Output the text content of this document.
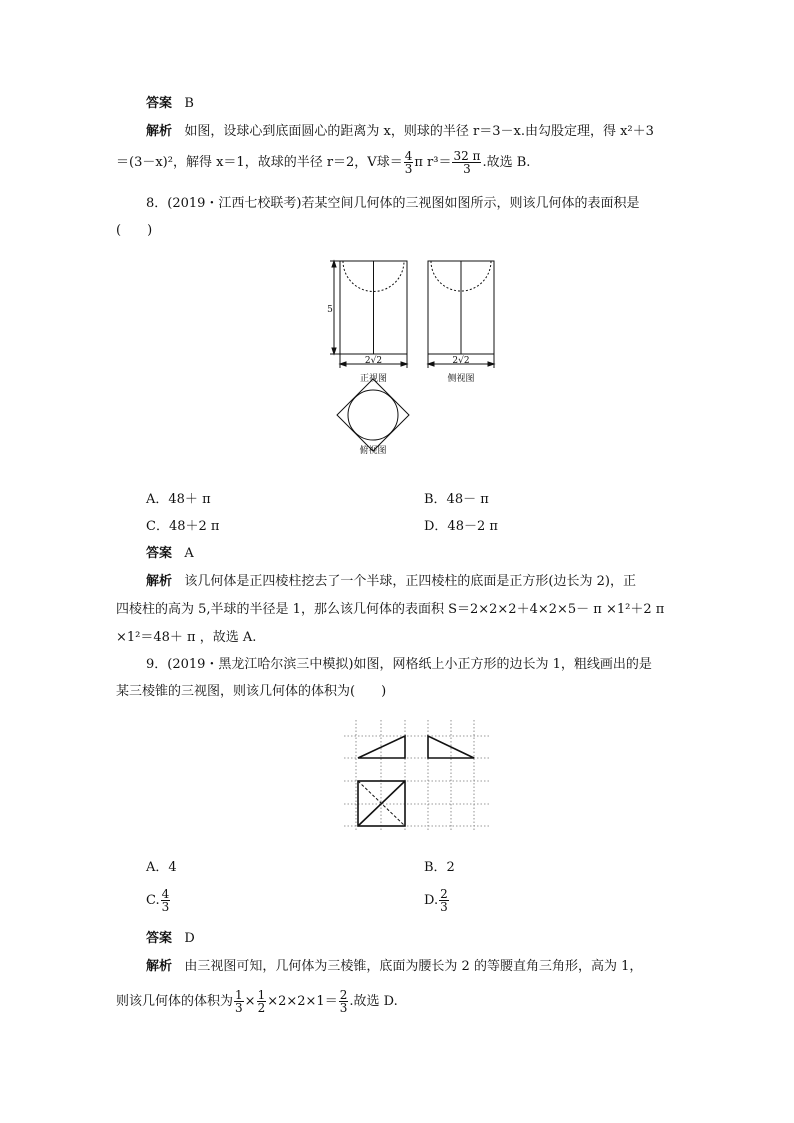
答案 B
解析 如图，设球心到底面圆心的距离为 x，则球的半径 r＝3－x.由勾股定理，得 x²＋3
＝(3－x)²，解得 x＝1，故球的半径 r＝2，V球＝ $\frac{4}{3}$ π $r^3= \frac{32 \pi}{3}$ .故选 B.
8．(2019・江西七校联考)若某空间几何体的三视图如图所示，则该几何体的表面积是
(　　)
5
2√2
正视图
2√2
侧视图
俯视图
A．48＋ π	B．48－ π
C．48＋2 π	D．48－2 π
答案 A
解析 该几何体是正四棱柱挖去了一个半球，正四棱柱的底面是正方形(边长为 2)，正
四棱柱的高为 5,半球的半径是 1，那么该几何体的表面积 S＝2×2×2＋4×2×5－ π ×1²＋2 π
×1²＝48＋ π ，故选 A.
9．(2019・黑龙江哈尔滨三中模拟)如图，网格纸上小正方形的边长为 1，粗线画出的是
某三棱锥的三视图，则该几何体的体积为(　　)
A．4	B．2
C. $\frac{4}{3}$	D. $\frac{2}{3}$
答案 D
解析 由三视图可知，几何体为三棱锥，底面为腰长为 2 的等腰直角三角形，高为 1，
则该几何体的体积为 $\frac{1}{3} \times \frac{1}{2} \times 2\times 2\times 1= \frac{2}{3}$ .故选 D.
